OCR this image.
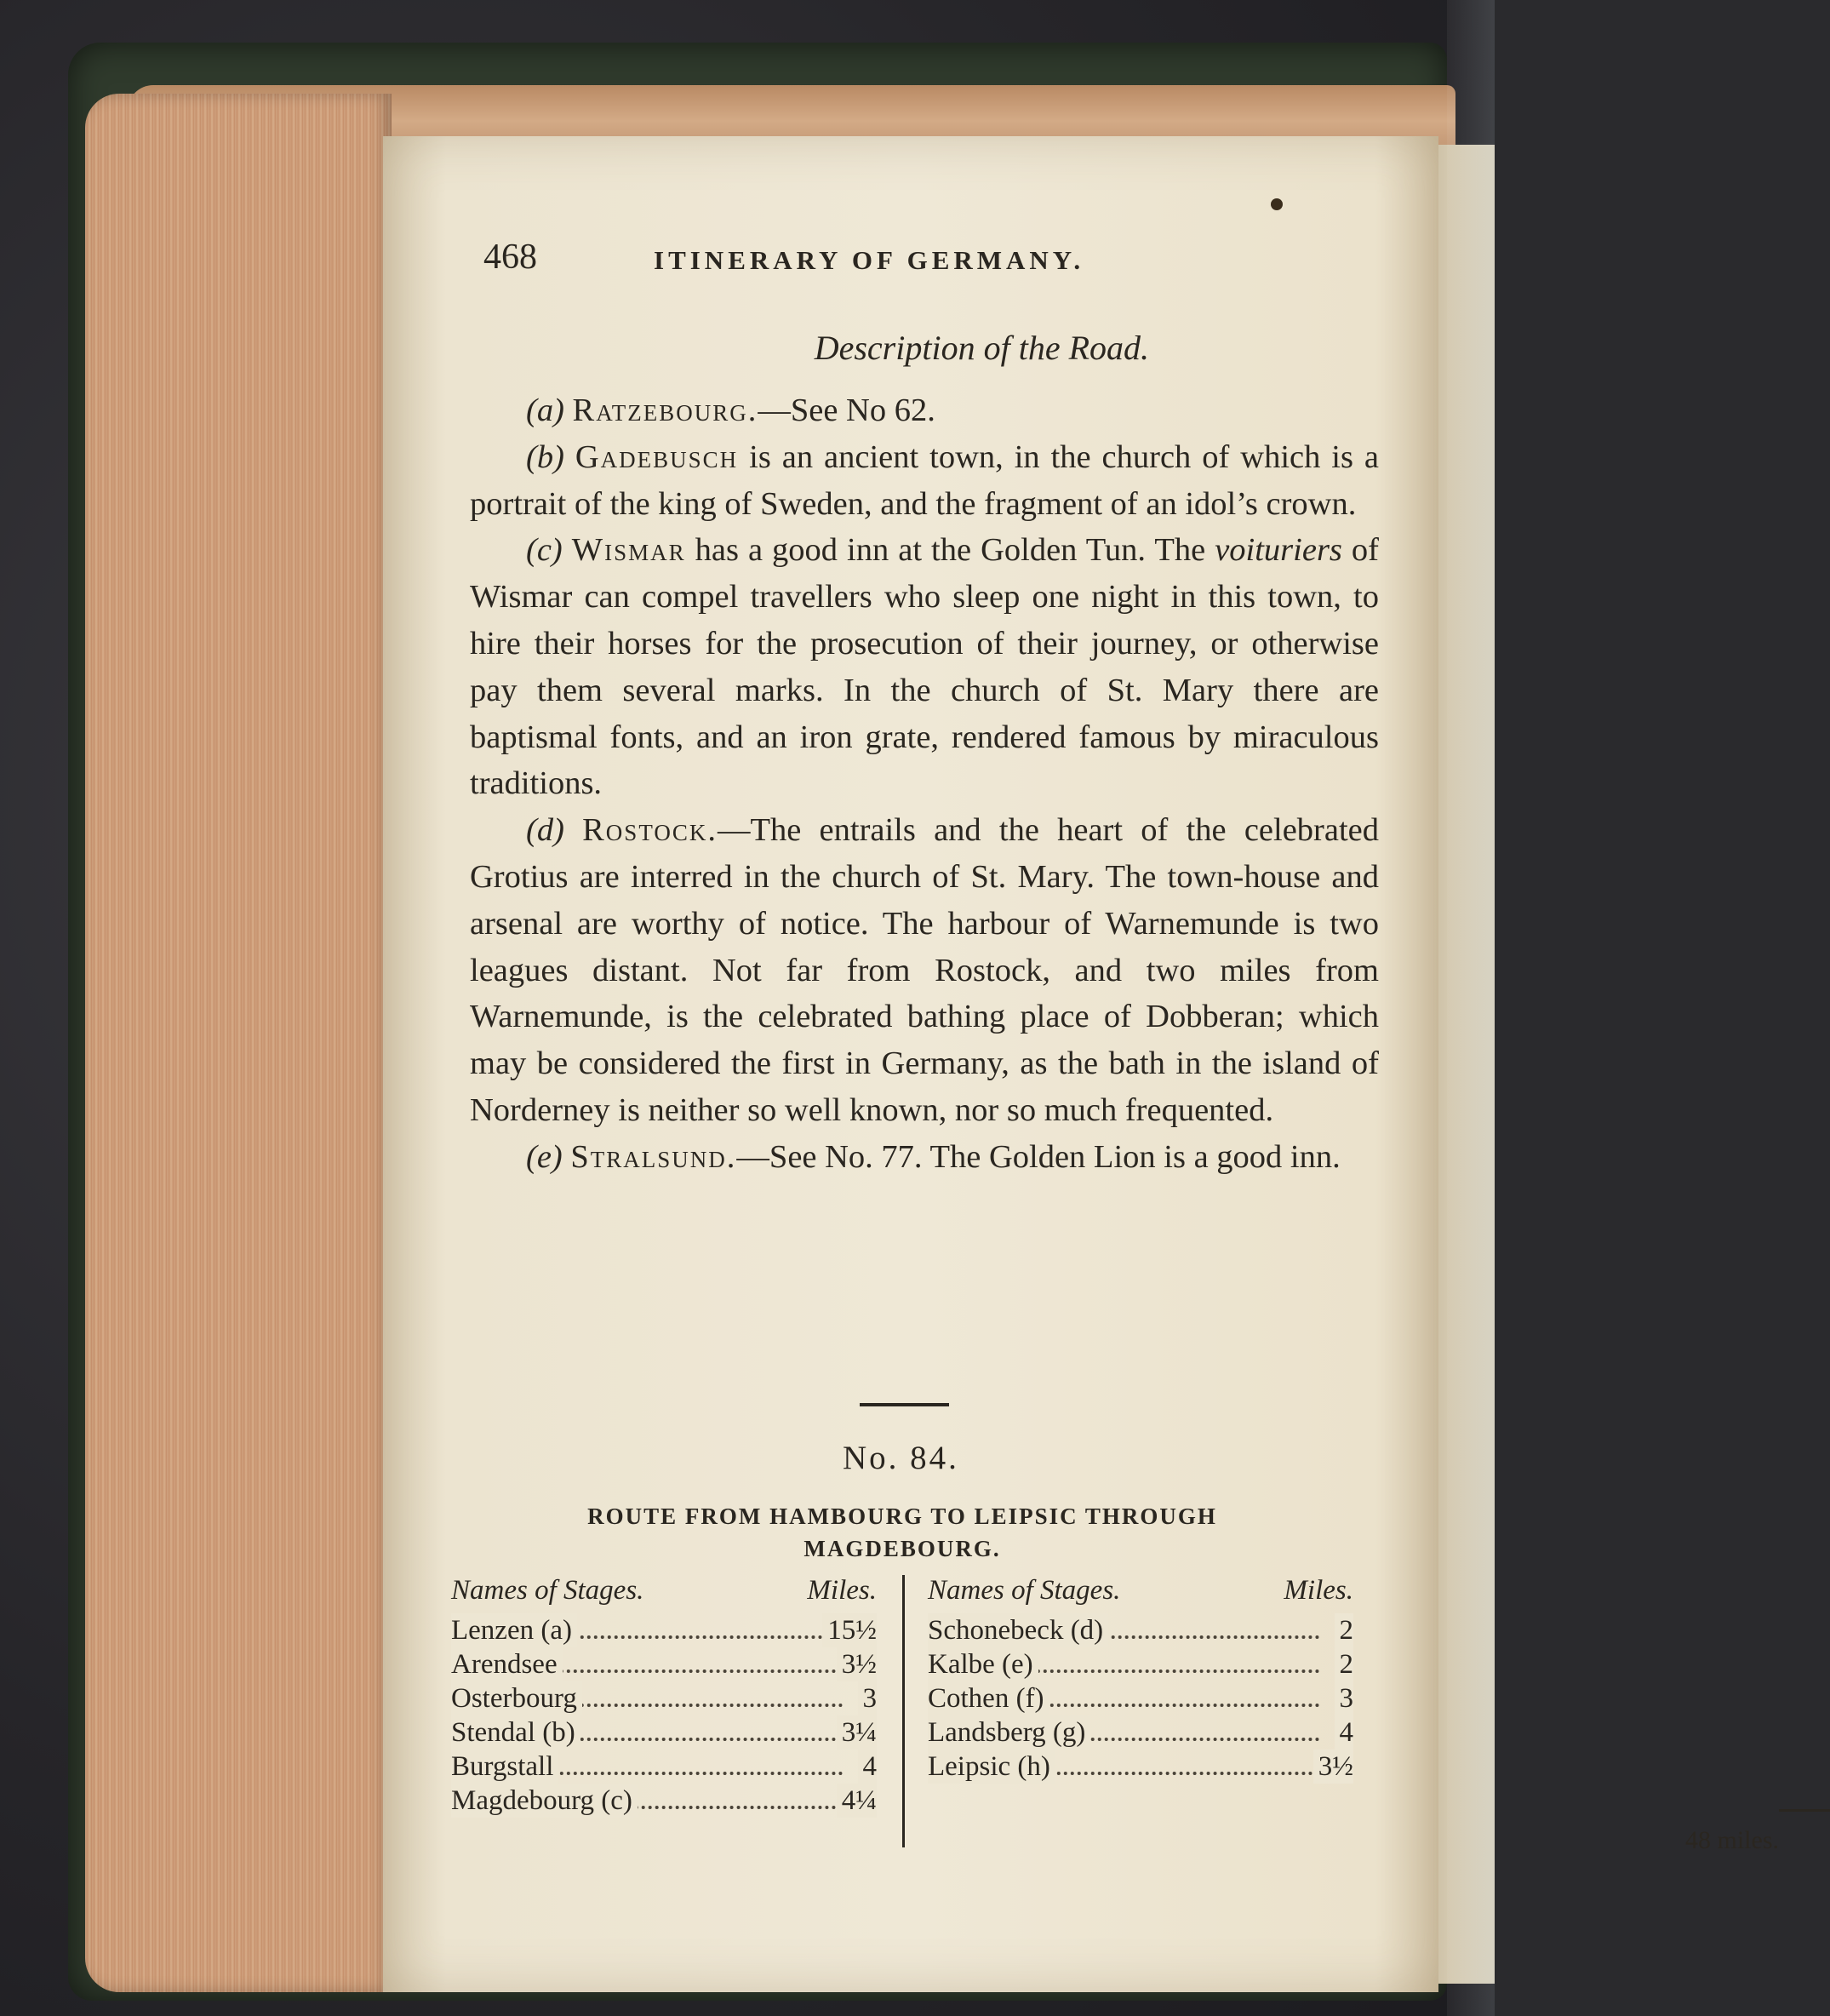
468	ITINERARY OF GERMANY.
Description of the Road.

(a) Ratzebourg.—See No 62.

(b) Gadebusch is an ancient town, in the church of which is a portrait of the king of Sweden, and the fragment of an idol’s crown.

(c) Wismar has a good inn at the Golden Tun. The voituriers of Wismar can compel travellers who sleep one night in this town, to hire their horses for the prosecution of their journey, or otherwise pay them several marks. In the church of St. Mary there are baptismal fonts, and an iron grate, rendered famous by miraculous traditions.

(d) Rostock.—The entrails and the heart of the celebrated Grotius are interred in the church of St. Mary. The town-house and arsenal are worthy of notice. The harbour of Warnemunde is two leagues distant. Not far from Rostock, and two miles from Warnemunde, is the celebrated bathing place of Dobberan; which may be considered the first in Germany, as the bath in the island of Norderney is neither so well known, nor so much frequented.

(e) Stralsund.—See No. 77. The Golden Lion is a good inn.

No. 84.
ROUTE FROM HAMBOURG TO LEIPSIC THROUGH MAGDEBOURG.
Names of Stages.	Miles.
Lenzen (a)	15½
Arendsee	3½
Osterbourg	3
Stendal (b)	3¼
Burgstall	4
Magdebourg (c)	4¼
Names of Stages.	Miles.
Schonebeck (d)	2
Kalbe (e)	2
Cothen (f)	3
Landsberg (g)	4
Leipsic (h)	3½
48 miles.
